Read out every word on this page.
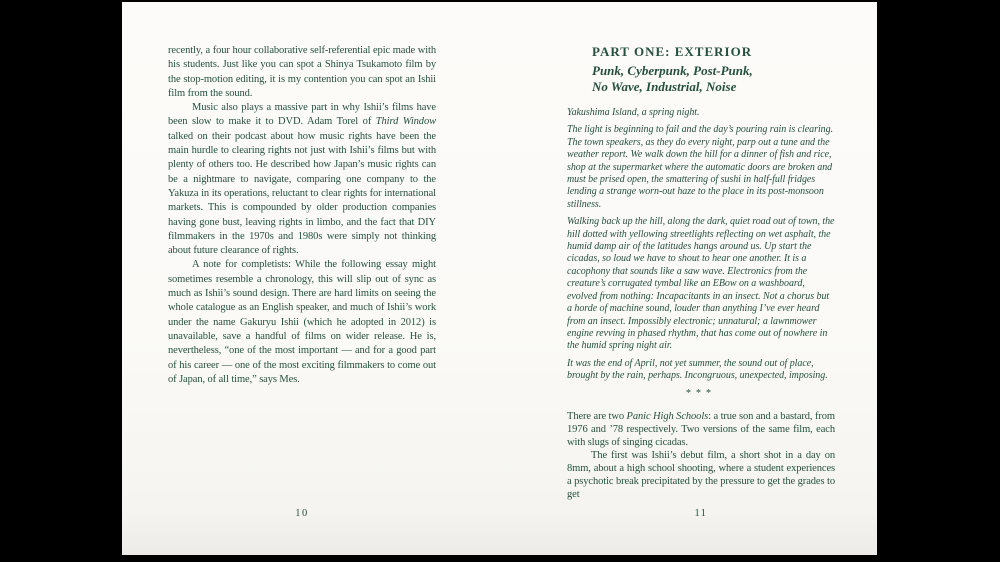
recently, a four hour collaborative self-referential epic made with his students. Just like you can spot a Shinya Tsukamoto film by the stop-motion editing, it is my contention you can spot an Ishii film from the sound.

Music also plays a massive part in why Ishii’s films have been slow to make it to DVD. Adam Torel of Third Window talked on their podcast about how music rights have been the main hurdle to clearing rights not just with Ishii’s films but with plenty of others too. He described how Japan’s music rights can be a nightmare to navigate, comparing one company to the Yakuza in its operations, reluctant to clear rights for international markets. This is compounded by older production companies having gone bust, leaving rights in limbo, and the fact that DIY filmmakers in the 1970s and 1980s were simply not thinking about future clearance of rights.

A note for completists: While the following essay might sometimes resemble a chronology, this will slip out of sync as much as Ishii’s sound design. There are hard limits on seeing the whole catalogue as an English speaker, and much of Ishii’s work under the name Gakuryu Ishii (which he adopted in 2012) is unavailable, save a handful of films on wider release. He is, nevertheless, “one of the most important — and for a good part of his career — one of the most exciting filmmakers to come out of Japan, of all time,” says Mes.

10
PART ONE: EXTERIOR
Punk, Cyberpunk, Post-Punk,
No Wave, Industrial, Noise

Yakushima Island, a spring night.

The light is beginning to fail and the day’s pouring rain is clearing. The town speakers, as they do every night, parp out a tune and the weather report. We walk down the hill for a dinner of fish and rice, shop at the supermarket where the automatic doors are broken and must be prised open, the smattering of sushi in half-full fridges lending a strange worn-out haze to the place in its post-monsoon stillness.

Walking back up the hill, along the dark, quiet road out of town, the hill dotted with yellowing streetlights reflecting on wet asphalt, the humid damp air of the latitudes hangs around us. Up start the cicadas, so loud we have to shout to hear one another. It is a cacophony that sounds like a saw wave. Electronics from the creature’s corrugated tymbal like an EBow on a washboard, evolved from nothing: Incapacitants in an insect. Not a chorus but a horde of machine sound, louder than anything I’ve ever heard from an insect. Impossibly electronic; unnatural; a lawnmower engine revving in phased rhythm, that has come out of nowhere in the humid spring night air.

It was the end of April, not yet summer, the sound out of place, brought by the rain, perhaps. Incongruous, unexpected, imposing.

***

There are two Panic High Schools: a true son and a bastard, from 1976 and ’78 respectively. Two versions of the same film, each with slugs of singing cicadas.

The first was Ishii’s debut film, a short shot in a day on 8mm, about a high school shooting, where a student experiences a psychotic break precipitated by the pressure to get the grades to get

11
